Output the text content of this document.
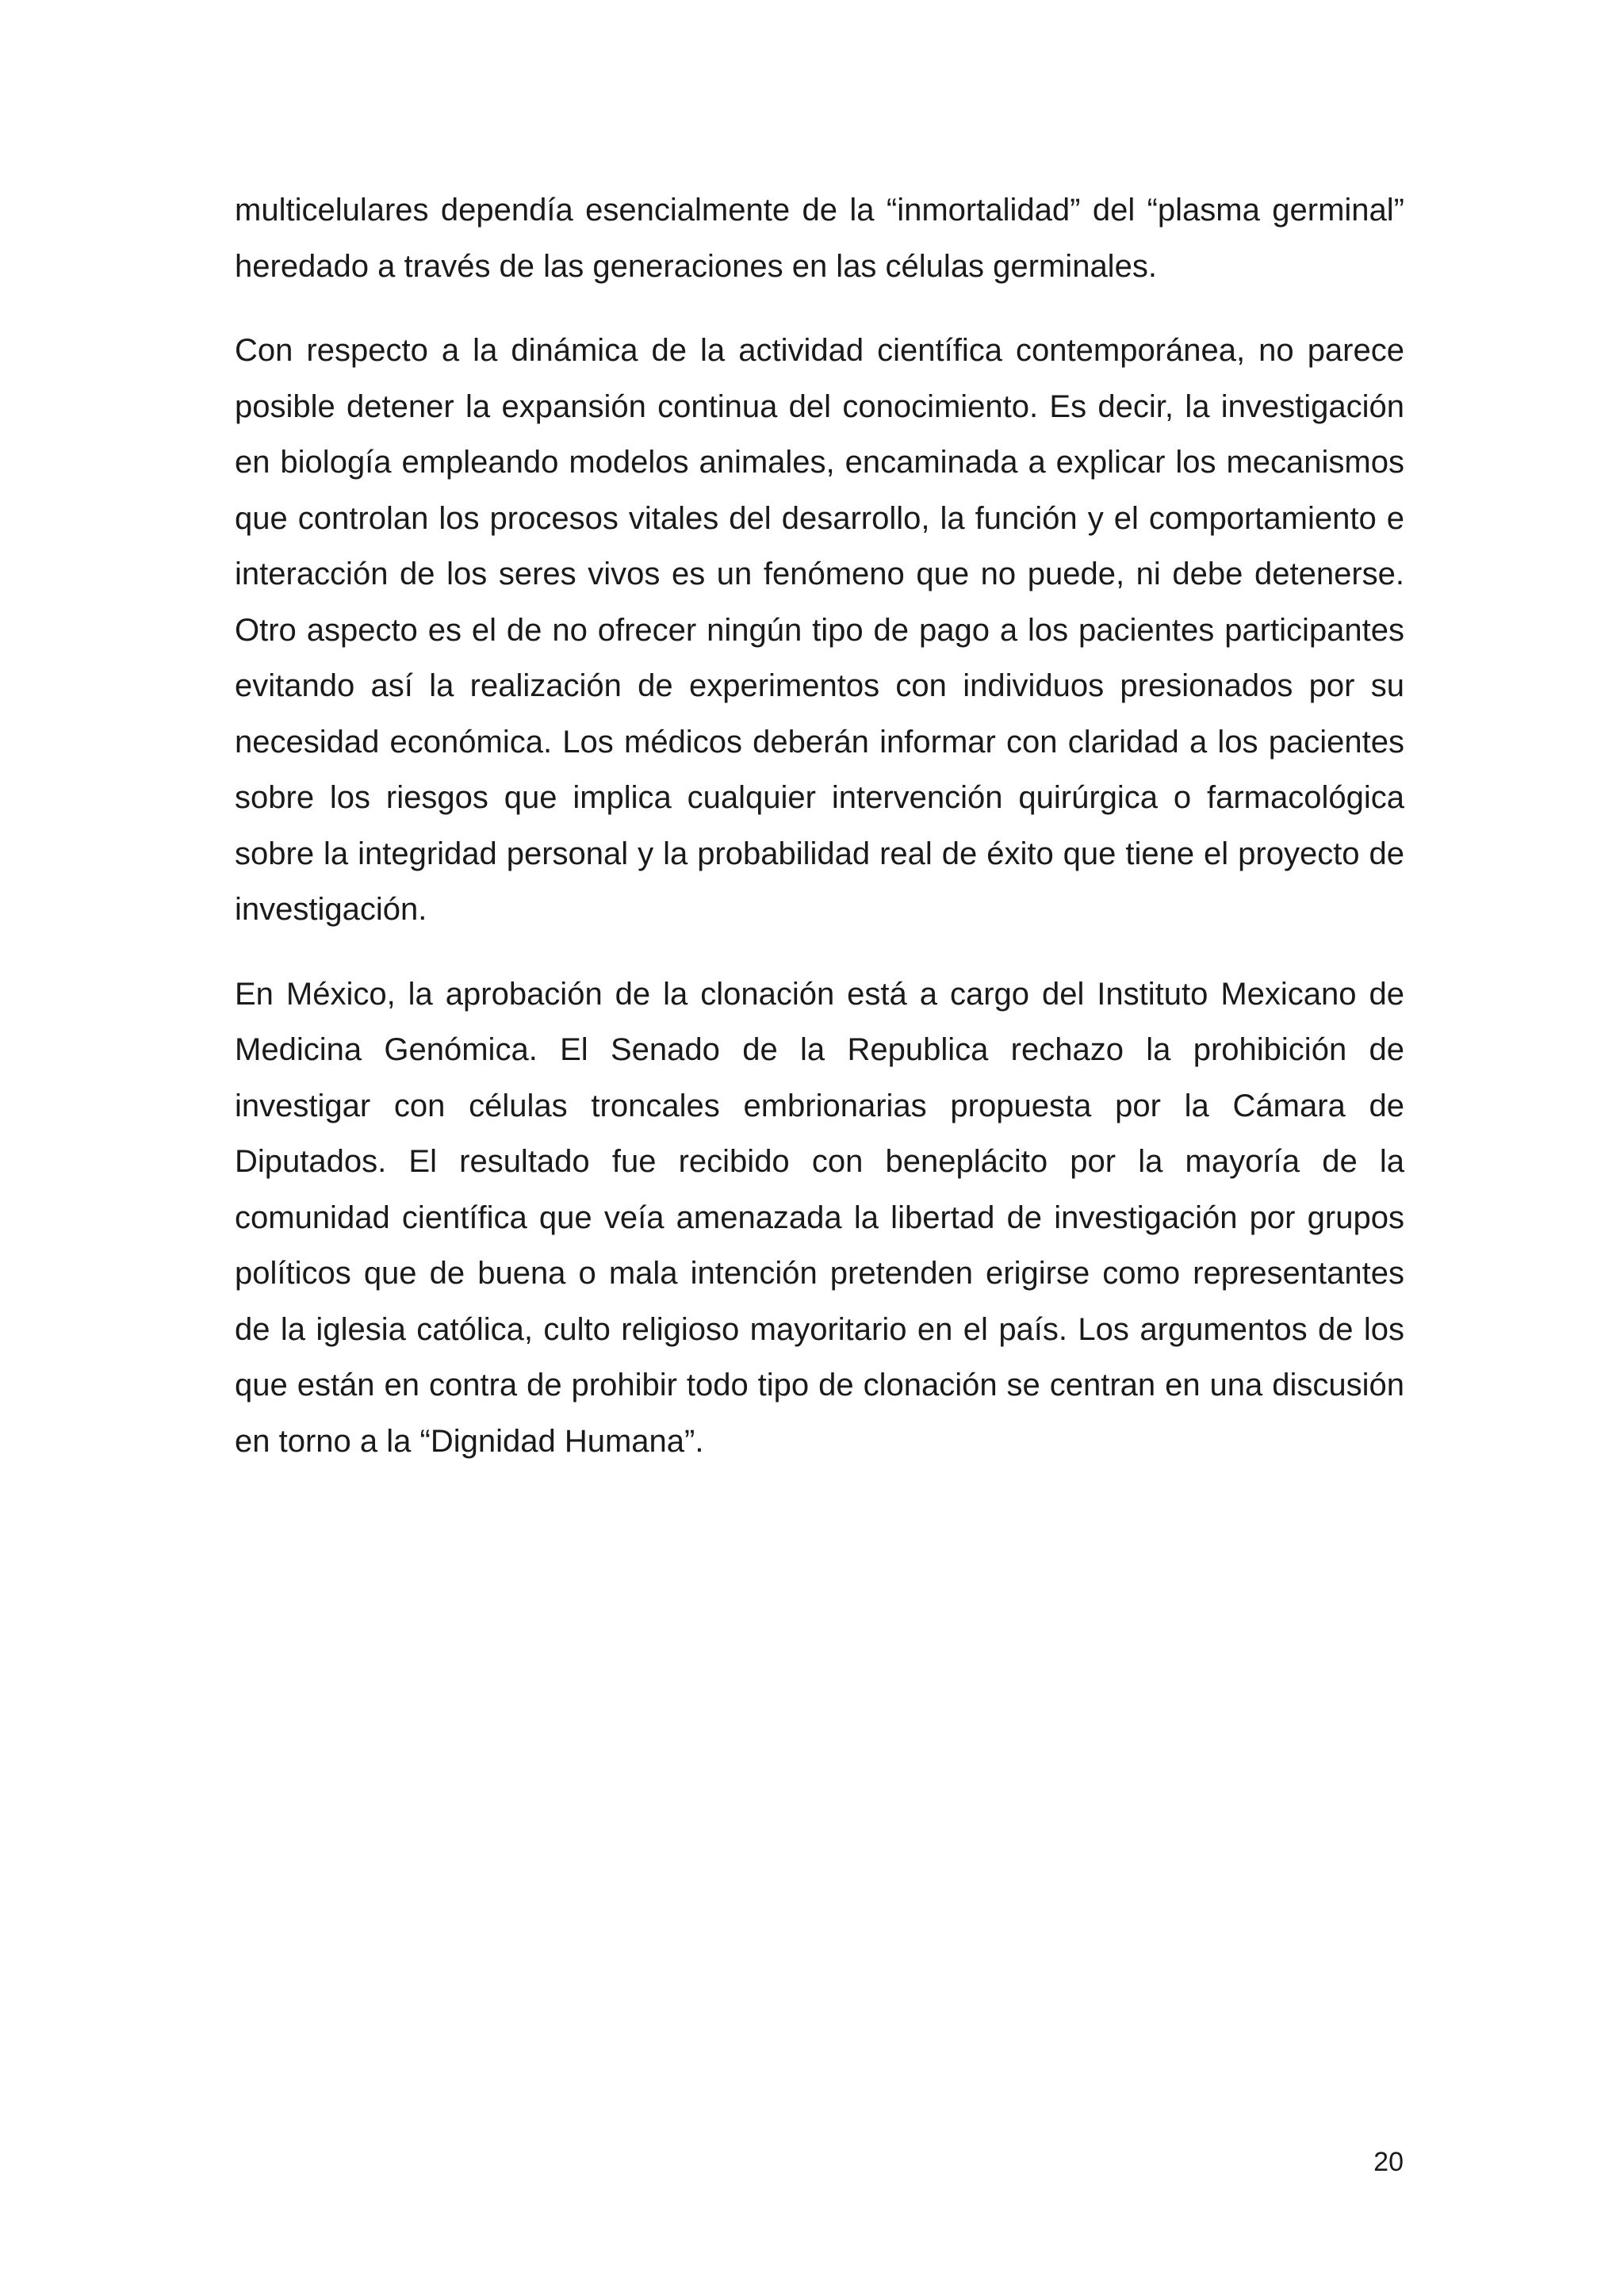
multicelulares dependía esencialmente de la “inmortalidad” del “plasma germinal” heredado a través de las generaciones en las células germinales.

Con respecto a la dinámica de la actividad científica contemporánea, no parece posible detener la expansión continua del conocimiento. Es decir, la investigación en biología empleando modelos animales, encaminada a explicar los mecanismos que controlan los procesos vitales del desarrollo, la función y el comportamiento e interacción de los seres vivos es un fenómeno que no puede, ni debe detenerse. Otro aspecto es el de no ofrecer ningún tipo de pago a los pacientes participantes evitando así la realización de experimentos con individuos presionados por su necesidad económica. Los médicos deberán informar con claridad a los pacientes sobre los riesgos que implica cualquier intervención quirúrgica o farmacológica sobre la integridad personal y la probabilidad real de éxito que tiene el proyecto de investigación.

En México, la aprobación de la clonación está a cargo del Instituto Mexicano de Medicina Genómica. El Senado de la Republica rechazo la prohibición de investigar con células troncales embrionarias propuesta por la Cámara de Diputados. El resultado fue recibido con beneplácito por la mayoría de la comunidad científica que veía amenazada la libertad de investigación por grupos políticos que de buena o mala intención pretenden erigirse como representantes de la iglesia católica, culto religioso mayoritario en el país. Los argumentos de los que están en contra de prohibir todo tipo de clonación se centran en una discusión en torno a la “Dignidad Humana”.

20
